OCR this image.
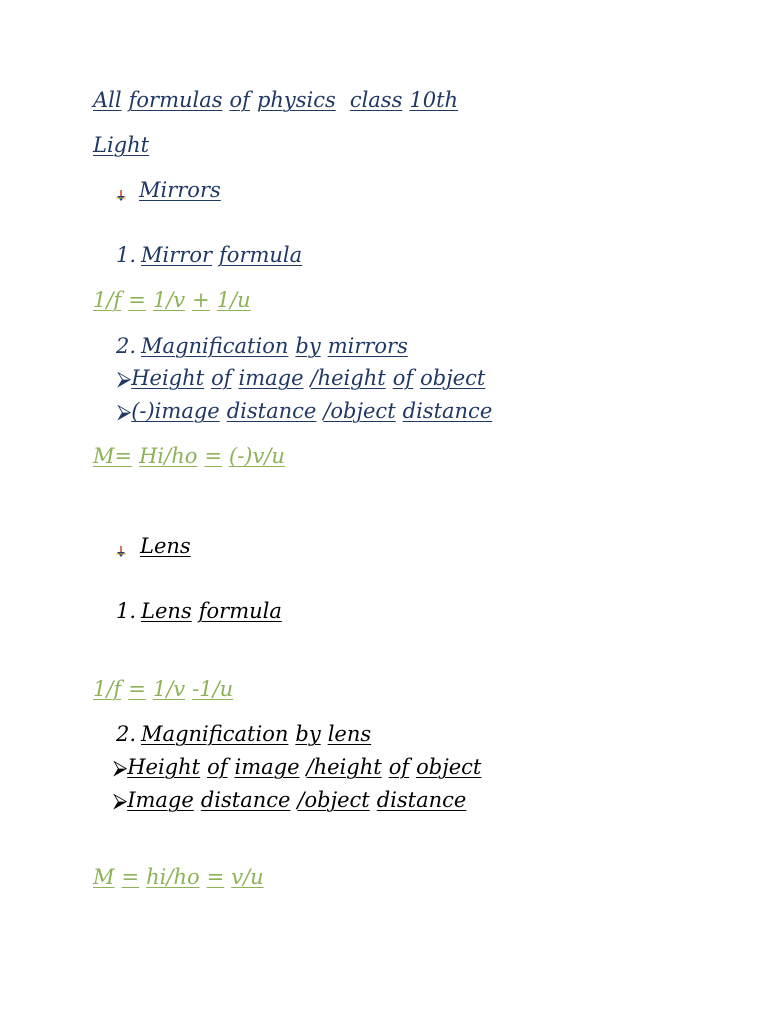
All formulas of physics class 10th
Light
Mirrors
1. Mirror formula
1/f = 1/v + 1/u
2. Magnification by mirrors
⮚Height of image /height of object
⮚(-)image distance /object distance
M= Hi/ho = (-)v/u
Lens
1. Lens formula
1/f = 1/v -1/u
2. Magnification by lens
⮚Height of image /height of object
⮚Image distance /object distance
M = hi/ho = v/u
